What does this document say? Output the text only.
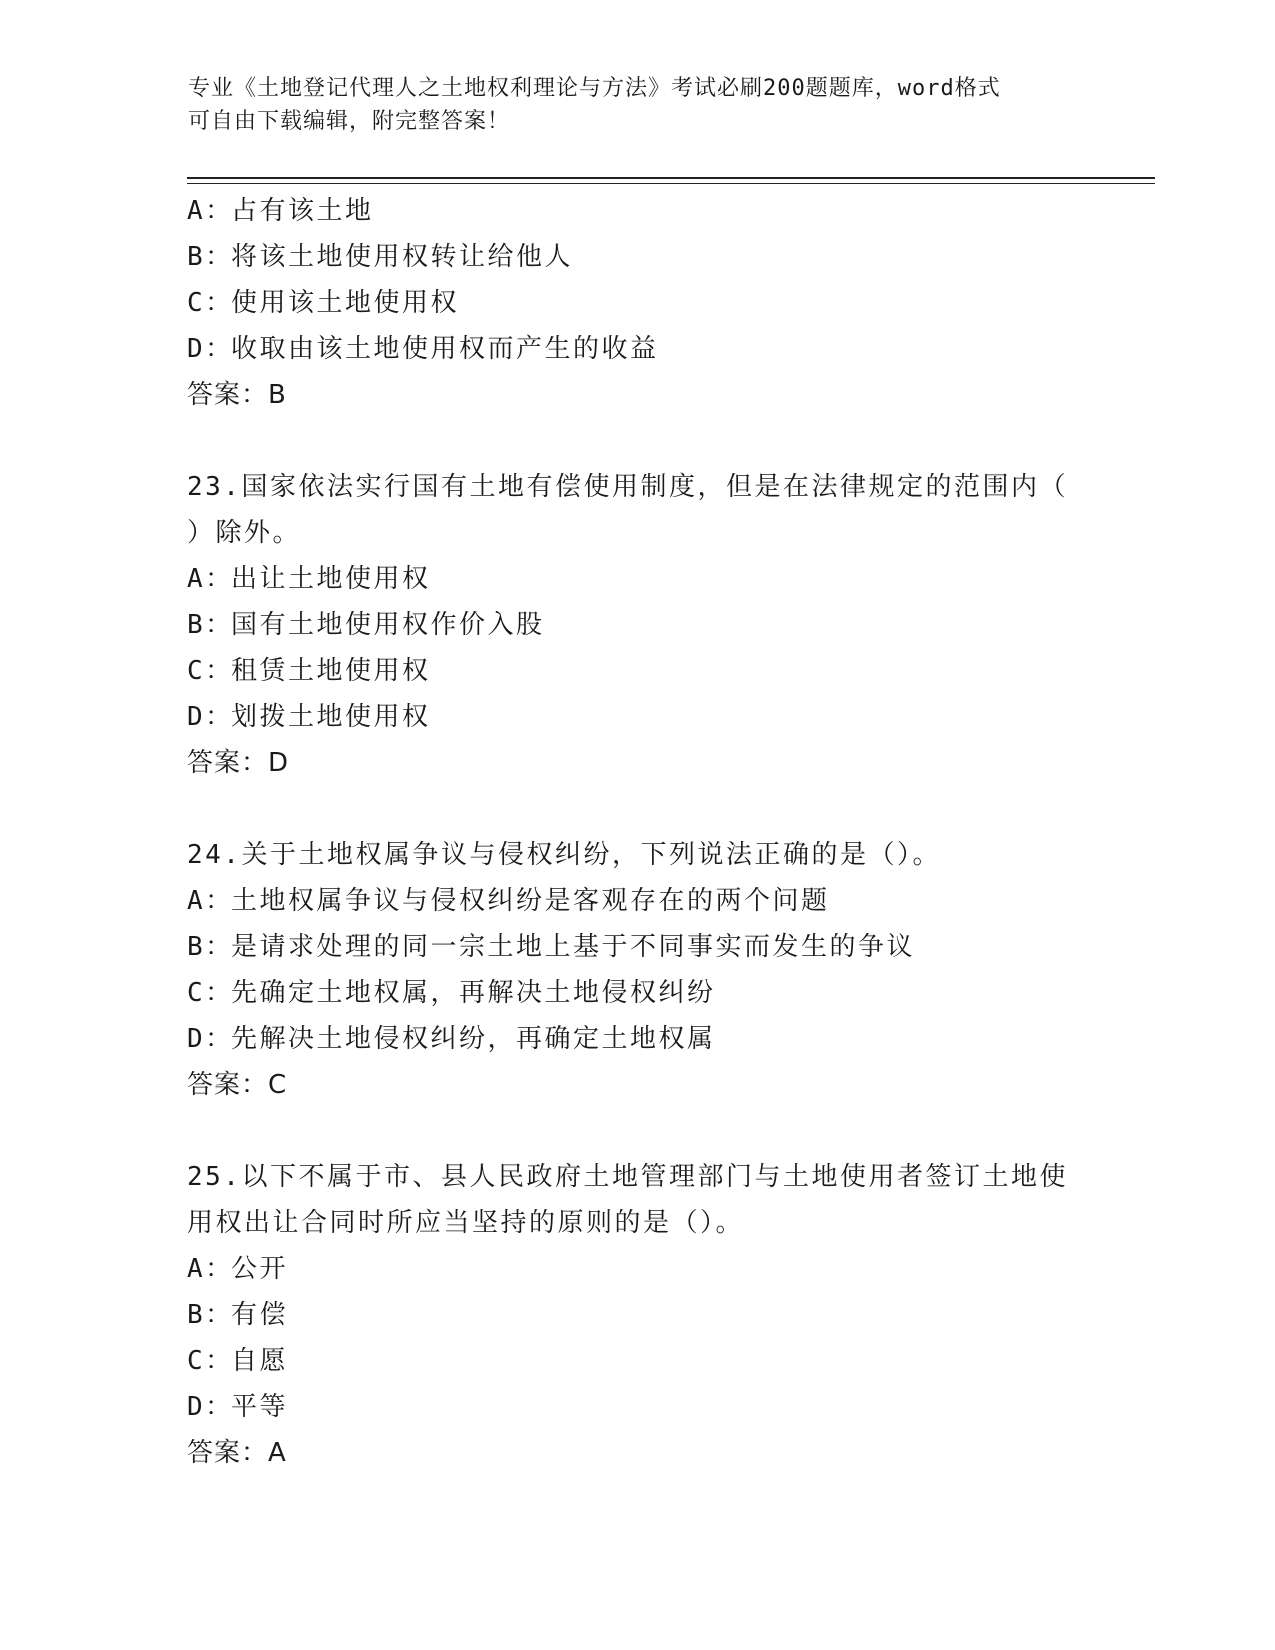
专业《土地登记代理人之土地权利理论与方法》考试必刷200题题库，word格式
可自由下载编辑，附完整答案！
A：占有该土地
B：将该土地使用权转让给他人
C：使用该土地使用权
D：收取由该土地使用权而产生的收益
答案：B
23.国家依法实行国有土地有偿使用制度，但是在法律规定的范围内（
）除外。
A：出让土地使用权
B：国有土地使用权作价入股
C：租赁土地使用权
D：划拨土地使用权
答案：D
24.关于土地权属争议与侵权纠纷，下列说法正确的是（）。
A：土地权属争议与侵权纠纷是客观存在的两个问题
B：是请求处理的同一宗土地上基于不同事实而发生的争议
C：先确定土地权属，再解决土地侵权纠纷
D：先解决土地侵权纠纷，再确定土地权属
答案：C
25.以下不属于市、县人民政府土地管理部门与土地使用者签订土地使
用权出让合同时所应当坚持的原则的是（）。
A：公开
B：有偿
C：自愿
D：平等
答案：A
